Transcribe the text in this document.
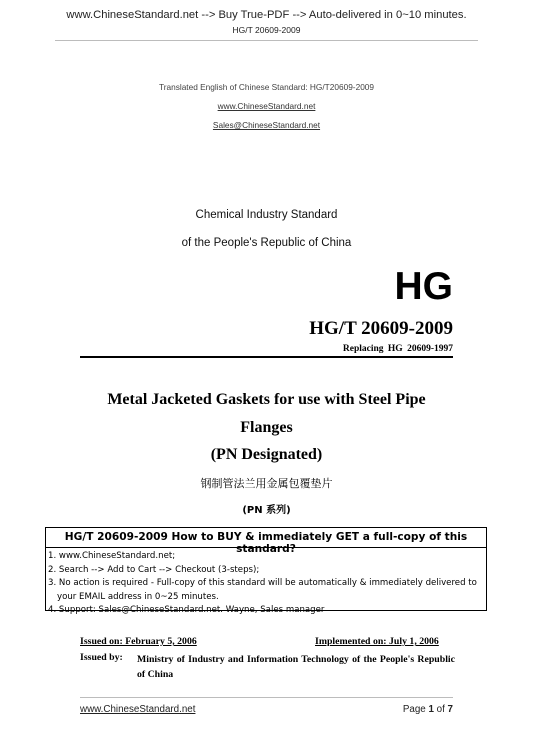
www.ChineseStandard.net --> Buy True-PDF --> Auto-delivered in 0~10 minutes.
HG/T 20609-2009
Translated English of Chinese Standard: HG/T20609-2009
www.ChineseStandard.net
Sales@ChineseStandard.net
Chemical Industry Standard
of the People's Republic of China
HG
HG/T 20609-2009
Replacing HG 20609-1997
Metal Jacketed Gaskets for use with Steel Pipe
Flanges
(PN Designated)
钢制管法兰用金属包覆垫片
(PN 系列)
HG/T 20609-2009 How to BUY & immediately GET a full-copy of this standard?
1. www.ChineseStandard.net;
2. Search --> Add to Cart --> Checkout (3-steps);
3. No action is required - Full-copy of this standard will be automatically & immediately delivered to your EMAIL address in 0~25 minutes.
4. Support: Sales@ChineseStandard.net. Wayne, Sales manager
Issued on: February 5, 2006	Implemented on: July 1, 2006
Issued by: Ministry of Industry and Information Technology of the People's Republic of China
www.ChineseStandard.net	Page 1 of 7
